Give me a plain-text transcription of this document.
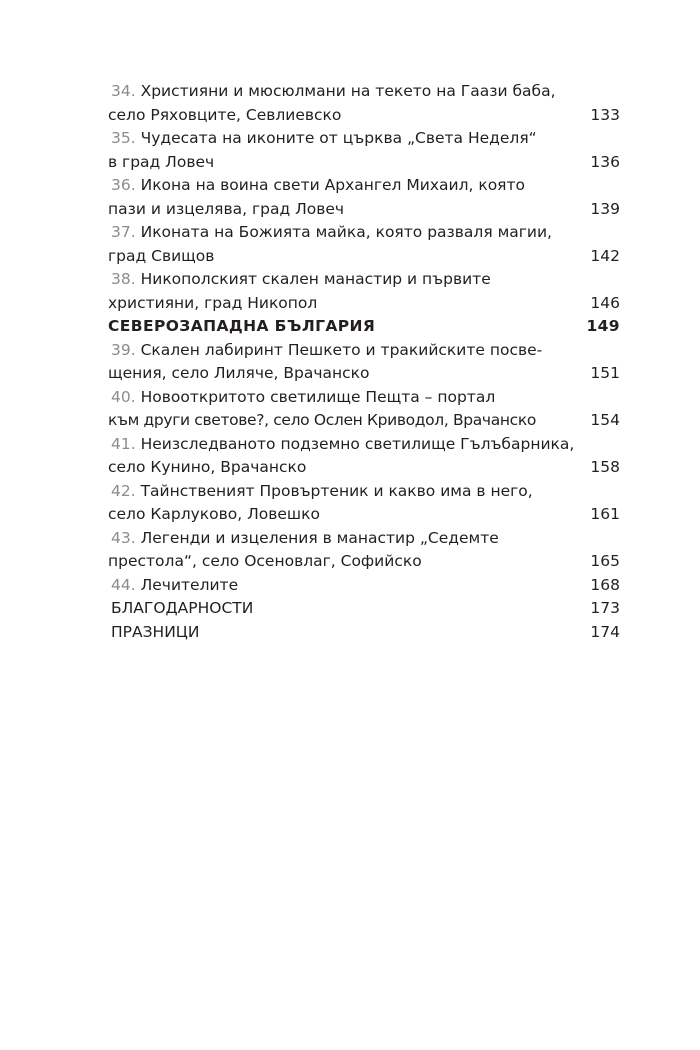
34. Християни и мюсюлмани на текето на Гаази баба,
село Ряховците, Севлиевско	133
35. Чудесата на иконите от църква „Света Неделя“
в град Ловеч	136
36. Икона на воина свети Архангел Михаил, която
пази и изцелява, град Ловеч	139
37. Иконата на Божията майка, която разваля магии,
град Свищов	142
38. Никополският скален манастир и първите
християни, град Никопол	146
СЕВЕРОЗАПАДНА БЪЛГАРИЯ	149
39. Скален лабиринт Пешкето и тракийските посве-
щения, село Лиляче, Врачанско	151
40. Новооткритото светилище Пещта – портал
към други светове?, село Ослен Криводол, Врачанско	154
41. Неизследваното подземно светилище Гълъбарника,
село Кунино, Врачанско	158
42. Тайнственият Провъртеник и какво има в него,
село Карлуково, Ловешко	161
43. Легенди и изцеления в манастир „Седемте
престола“, село Осеновлаг, Софийско	165
44. Лечителите	168
БЛАГОДАРНОСТИ	173
ПРАЗНИЦИ	174
